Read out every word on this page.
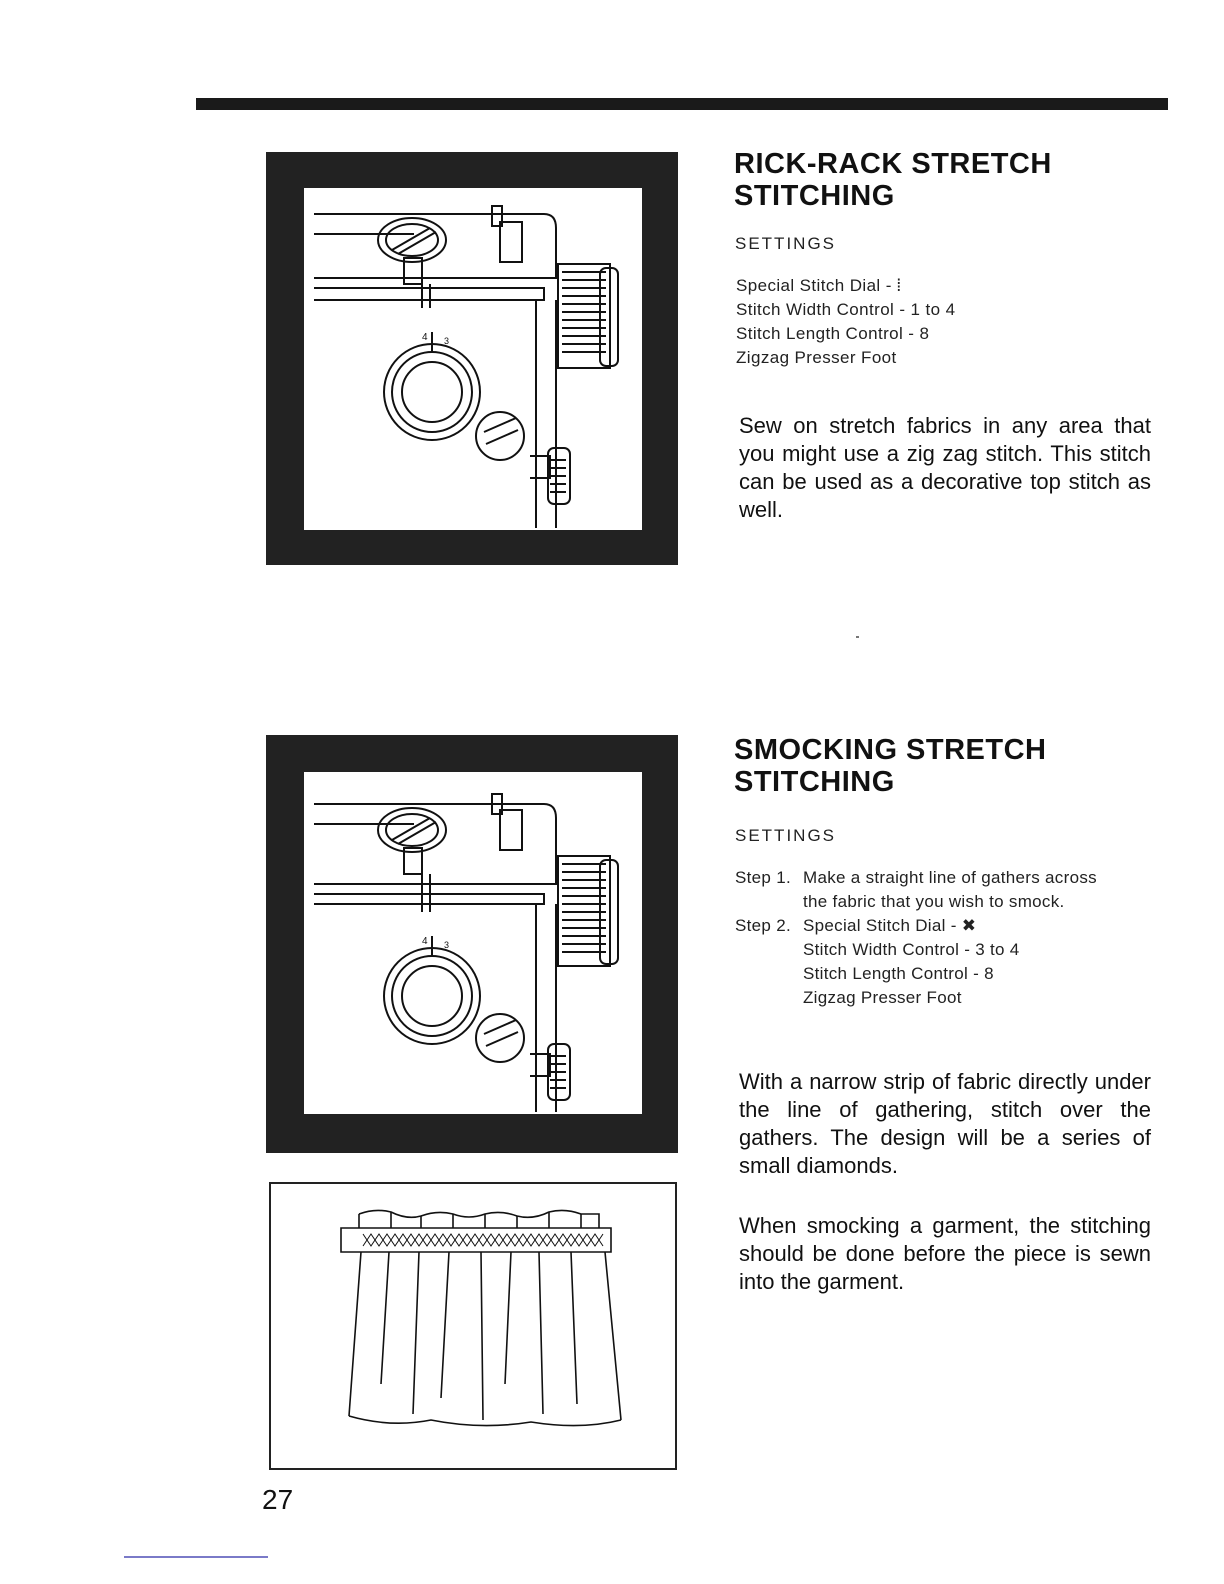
4 3
RICK-RACK STRETCH
STITCHING
SETTINGS
Special Stitch Dial - ⦙
Stitch Width Control - 1 to 4
Stitch Length Control - 8
Zigzag Presser Foot

Sew on stretch fabrics in any area that you might use a zig zag stitch. This stitch can be used as a decorative top stitch as well.

4 3
SMOCKING STRETCH
STITCHING
SETTINGS
Step 1. Make a straight line of gathers across
the fabric that you wish to smock.
Step 2. Special Stitch Dial - ✖
Stitch Width Control - 3 to 4
Stitch Length Control - 8
Zigzag Presser Foot

With a narrow strip of fabric directly under the line of gathering, stitch over the gathers. The design will be a series of small diamonds.

When smocking a garment, the stitching should be done before the piece is sewn into the garment.

27
